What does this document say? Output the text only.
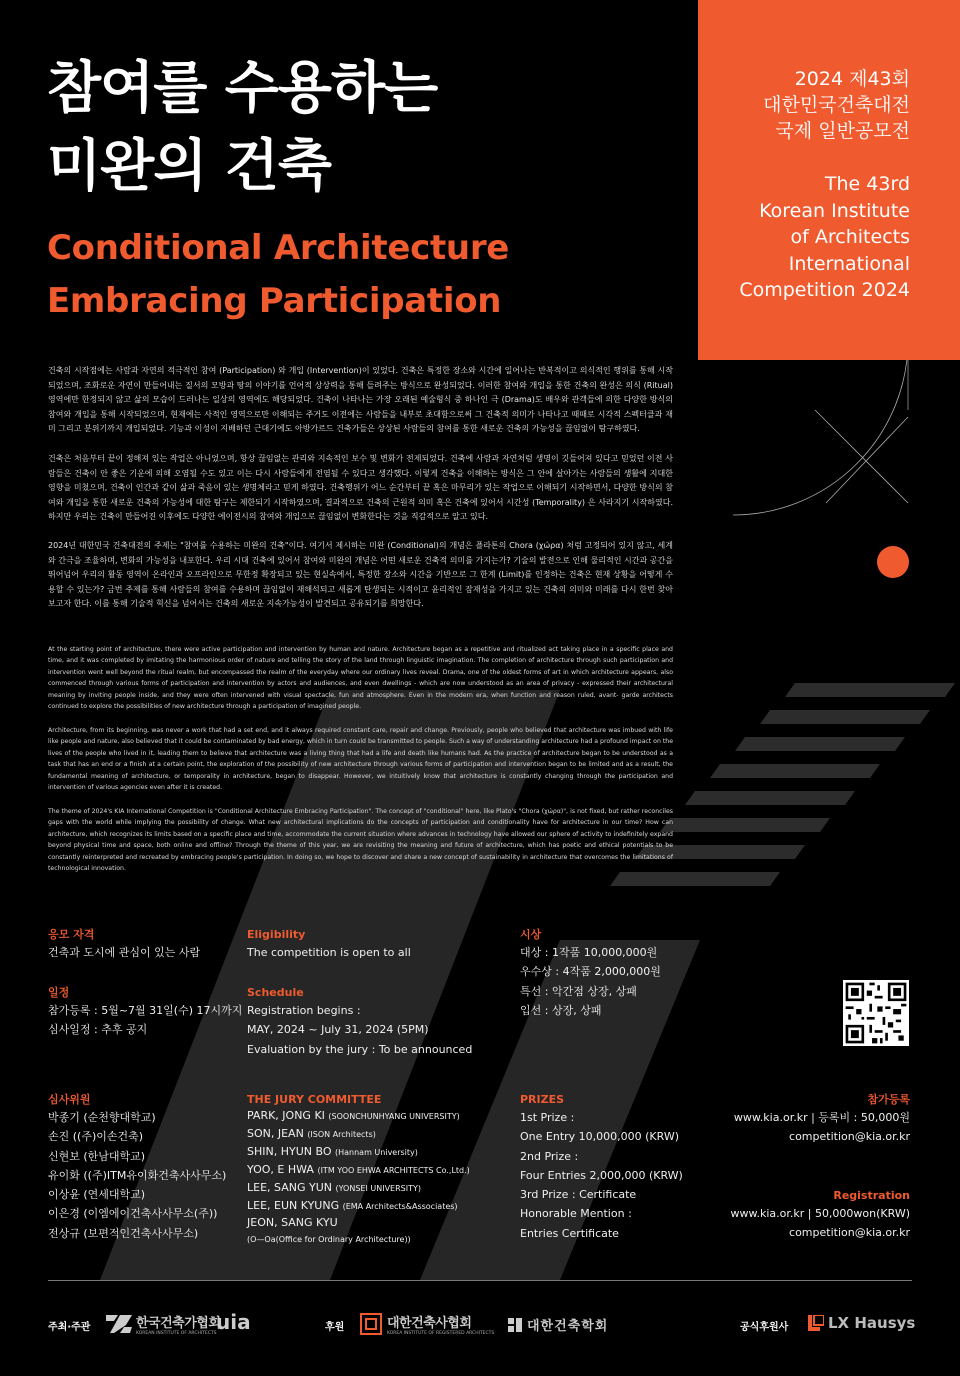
참여를 수용하는
미완의 건축
Conditional Architecture
Embracing Participation
2024 제43회
대한민국건축대전
국제 일반공모전
The 43rd
Korean Institute
of Architects
International
Competition 2024
건축의 시작점에는 사람과 자연의 적극적인 참여 (Participation) 와 개입 (Intervention)이 있었다. 건축은 특정한 장소와 시간에 일어나는 반복적이고 의식적인 행위를 통해 시작되었으며, 조화로운 자연이 만들어내는 질서의 모방과 땅의 이야기를 언어적 상상력을 통해 들려주는 방식으로 완성되었다. 이러한 참여와 개입을 통한 건축의 완성은 의식 (Ritual) 영역에만 한정되지 않고 삶의 모습이 드러나는 일상의 영역에도 해당되었다. 건축이 나타나는 가장 오래된 예술형식 중 하나인 극 (Drama)도 배우와 관객들에 의한 다양한 방식의 참여와 개입을 통해 시작되었으며, 현재에는 사적인 영역으로만 이해되는 주거도 이전에는 사람들을 내부로 초대함으로써 그 건축적 의미가 나타나고 때때로 시각적 스펙터클과 재미 그리고 분위기까지 개입되었다. 기능과 이성이 지배하던 근대기에도 아방가르드 건축가들은 상상된 사람들의 참여를 통한 새로운 건축의 가능성을 끊임없이 탐구하였다.
건축은 처음부터 끝이 정해져 있는 작업은 아니었으며, 항상 끊임없는 관리와 지속적인 보수 및 변화가 전제되었다. 건축에 사람과 자연처럼 생명이 깃들어져 있다고 믿었던 이전 사람들은 건축이 안 좋은 기운에 의해 오염될 수도 있고 이는 다시 사람들에게 전염될 수 있다고 생각했다. 이렇게 건축을 이해하는 방식은 그 안에 살아가는 사람들의 생활에 지대한 영향을 미쳤으며, 건축이 인간과 같이 삶과 죽음이 있는 생명체라고 믿게 하였다. 건축행위가 어느 순간부터 끝 혹은 마무리가 있는 작업으로 이해되기 시작하면서, 다양한 방식의 참여와 개입을 통한 새로운 건축의 가능성에 대한 탐구는 제한되기 시작하였으며, 결과적으로 건축의 근원적 의미 혹은 건축에 있어서 시간성 (Temporality) 은 사라지기 시작하였다. 하지만 우리는 건축이 만들어진 이후에도 다양한 에이전시의 참여와 개입으로 끊임없이 변화한다는 것을 직감적으로 알고 있다.
2024년 대한민국 건축대전의 주제는 "참여를 수용하는 미완의 건축"이다. 여기서 제시하는 미완 (Conditional)의 개념은 플라톤의 Chora (χώρα) 처럼 고정되어 있지 않고, 세계와 간극을 조율하며, 변화의 가능성을 내포한다. 우리 시대 건축에 있어서 참여와 미완의 개념은 어떤 새로운 건축적 의미를 가지는가? 기술의 발전으로 인해 물리적인 시간과 공간을 뛰어넘어 우리의 활동 영역이 온라인과 오프라인으로 무한정 확장되고 있는 현실속에서, 특정한 장소와 시간을 기반으로 그 한계 (Limit)를 인정하는 건축은 현재 상황을 어떻게 수용할 수 있는가? 금번 주제를 통해 사람들의 참여를 수용하며 끊임없이 재해석되고 새롭게 탄생되는 시적이고 윤리적인 잠재성을 가지고 있는 건축의 의미와 미래를 다시 한번 찾아보고자 한다. 이를 통해 기술적 혁신을 넘어서는 건축의 새로운 지속가능성이 발견되고 공유되기를 희망한다.
At the starting point of architecture, there were active participation and intervention by human and nature. Architecture began as a repetitive and ritualized act taking place in a specific place and time, and it was completed by imitating the harmonious order of nature and telling the story of the land through linguistic imagination. The completion of architecture through such participation and intervention went well beyond the ritual realm, but encompassed the realm of the everyday where our ordinary lives reveal. Drama, one of the oldest forms of art in which architecture appears, also commenced through various forms of participation and intervention by actors and audiences, and even dwellings - which are now understood as an area of privacy - expressed their architectural meaning by inviting people inside, and they were often intervened with visual spectacle, fun and atmosphere. Even in the modern era, when function and reason ruled, avant- garde architects continued to explore the possibilities of new architecture through a participation of imagined people.
Architecture, from its beginning, was never a work that had a set end, and it always required constant care, repair and change. Previously, people who believed that architecture was imbued with life like people and nature, also believed that it could be contaminated by bad energy, which in turn could be transmitted to people. Such a way of understanding architecture had a profound impact on the lives of the people who lived in it, leading them to believe that architecture was a living thing that had a life and death like humans had. As the practice of architecture began to be understood as a task that has an end or a finish at a certain point, the exploration of the possibility of new architecture through various forms of participation and intervention began to be limited and as a result, the fundamental meaning of architecture, or temporality in architecture, began to disappear. However, we intuitively know that architecture is constantly changing through the participation and intervention of various agencies even after it is created.
The theme of 2024's KIA International Competition is "Conditional Architecture Embracing Participation". The concept of "conditional" here, like Plato's "Chora (χώρα)", is not fixed, but rather reconciles gaps with the world while implying the possibility of change. What new architectural implications do the concepts of participation and conditionality have for architecture in our time? How can architecture, which recognizes its limits based on a specific place and time, accommodate the current situation where advances in technology have allowed our sphere of activity to indefinitely expand beyond physical time and space, both online and offline? Through the theme of this year, we are revisiting the meaning and future of architecture, which has poetic and ethical potentials to be constantly reinterpreted and recreated by embracing people's participation. In doing so, we hope to discover and share a new concept of sustainability in architecture that overcomes the limitations of technological innovation.
응모 자격
건축과 도시에 관심이 있는 사람
Eligibility
The competition is open to all
시상
대상 : 1작품 10,000,000원
우수상 : 4작품 2,000,000원
특선 : 악간점 상장, 상패
입선 : 상장, 상패
일정
참가등록 : 5월~7월 31일(수) 17시까지
심사일정 : 추후 공지
Schedule
Registration begins :
MAY, 2024 ~ July 31, 2024 (5PM)
Evaluation by the jury : To be announced
심사위원
박종기 (순천향대학교)
손진 ((주)이손건축)
신현보 (한남대학교)
유이화 ((주)ITM유이화건축사사무소)
이상윤 (연세대학교)
이은경 (이엠에이건축사사무소(주))
전상규 (보편적인건축사사무소)
THE JURY COMMITTEE
PARK, JONG KI (SOONCHUNHYANG UNIVERSITY)
SON, JEAN (ISON Architects)
SHIN, HYUN BO (Hannam University)
YOO, E HWA (ITM YOO EHWA ARCHITECTS Co.,Ltd.)
LEE, SANG YUN (YONSEI UNIVERSITY)
LEE, EUN KYUNG (EMA Architects&Associates)
JEON, SANG KYU
(O—Oa(Office for Ordinary Architecture))
PRIZES
1st Prize :
One Entry 10,000,000 (KRW)
2nd Prize :
Four Entries 2,000,000 (KRW)
3rd Prize : Certificate
Honorable Mention :
Entries Certificate
참가등록
www.kia.or.kr | 등록비 : 50,000원
competition@kia.or.kr
Registration
www.kia.or.kr | 50,000won(KRW)
competition@kia.or.kr
주최·주관	한국건축가협회
KOREAN INSTITUTE OF ARCHITECTS uia	후원	대한건축사협회
KOREA INSTITUTE OF REGISTERED ARCHITECTS	대한건축학회	공식후원사	LX Hausys
